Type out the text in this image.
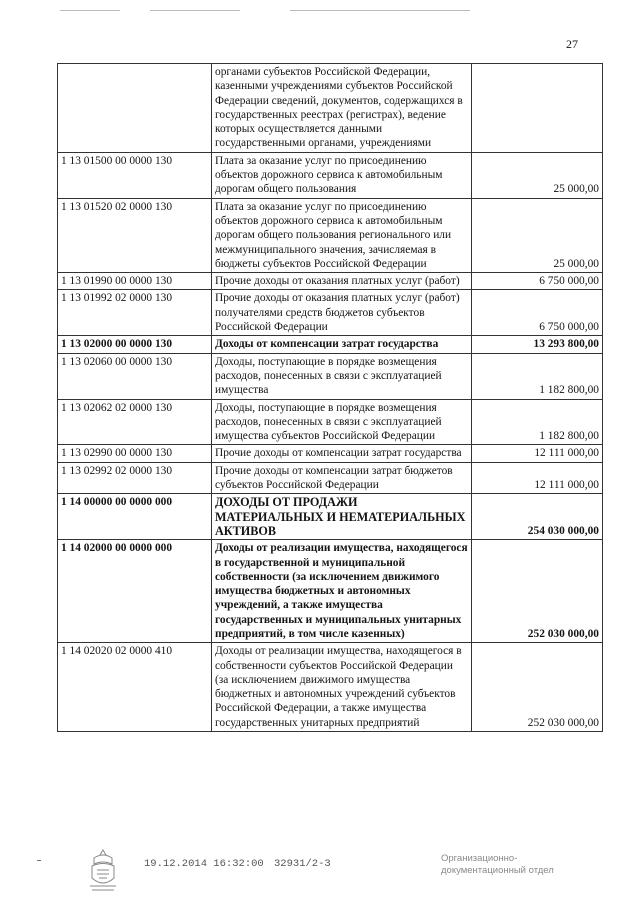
27
	органами субъектов Российской Федерации, казенными учреждениями субъектов Российской Федерации сведений, документов, содержащихся в государственных реестрах (регистрах), ведение которых осуществляется данными государственными органами, учреждениями	
1 13 01500 00 0000 130	Плата за оказание услуг по присоединению объектов дорожного сервиса к автомобильным дорогам общего пользования	25 000,00
1 13 01520 02 0000 130	Плата за оказание услуг по присоединению объектов дорожного сервиса к автомобильным дорогам общего пользования регионального или межмуниципального значения, зачисляемая в бюджеты субъектов Российской Федерации	25 000,00
1 13 01990 00 0000 130	Прочие доходы от оказания платных услуг (работ)	6 750 000,00
1 13 01992 02 0000 130	Прочие доходы от оказания платных услуг (работ) получателями средств бюджетов субъектов Российской Федерации	6 750 000,00
1 13 02000 00 0000 130	Доходы от компенсации затрат государства	13 293 800,00
1 13 02060 00 0000 130	Доходы, поступающие в порядке возмещения расходов, понесенных в связи с эксплуатацией имущества	1 182 800,00
1 13 02062 02 0000 130	Доходы, поступающие в порядке возмещения расходов, понесенных в связи с эксплуатацией имущества субъектов Российской Федерации	1 182 800,00
1 13 02990 00 0000 130	Прочие доходы от компенсации затрат государства	12 111 000,00
1 13 02992 02 0000 130	Прочие доходы от компенсации затрат бюджетов субъектов Российской Федерации	12 111 000,00
1 14 00000 00 0000 000	ДОХОДЫ ОТ ПРОДАЖИ МАТЕРИАЛЬНЫХ И НЕМАТЕРИАЛЬНЫХ АКТИВОВ	254 030 000,00
1 14 02000 00 0000 000	Доходы от реализации имущества, находящегося в государственной и муниципальной собственности (за исключением движимого имущества бюджетных и автономных учреждений, а также имущества государственных и муниципальных унитарных предприятий, в том числе казенных)	252 030 000,00
1 14 02020 02 0000 410	Доходы от реализации имущества, находящегося в собственности субъектов Российской Федерации (за исключением движимого имущества бюджетных и автономных учреждений субъектов Российской Федерации, а также имущества государственных унитарных предприятий	252 030 000,00
19.12.2014 16:32:00 32931/2-3	Организационно-
документационный отдел
